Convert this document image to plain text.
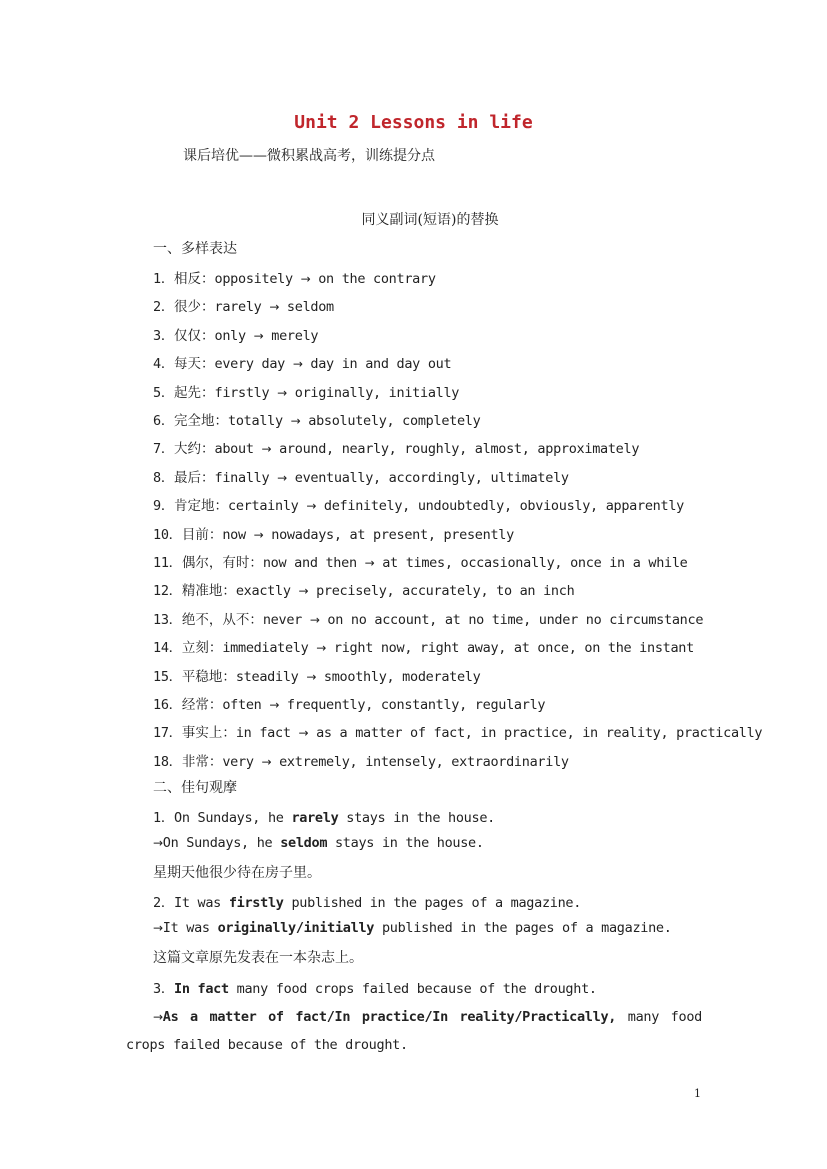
Unit 2 Lessons in life
课后培优——微积累战高考，训练提分点
同义副词(短语)的替换
一、多样表达
1．相反：oppositely → on the contrary
2．很少：rarely → seldom
3．仅仅：only → merely
4．每天：every day → day in and day out
5．起先：firstly → originally, initially
6．完全地：totally → absolutely, completely
7．大约：about → around, nearly, roughly, almost, approximately
8．最后：finally → eventually, accordingly, ultimately
9．肯定地：certainly → definitely, undoubtedly, obviously, apparently
10．目前：now → nowadays, at present, presently
11．偶尔，有时：now and then → at times, occasionally, once in a while
12．精准地：exactly → precisely, accurately, to an inch
13．绝不，从不：never → on no account, at no time, under no circumstance
14．立刻：immediately → right now, right away, at once, on the instant
15．平稳地：steadily → smoothly, moderately
16．经常：often → frequently, constantly, regularly
17．事实上：in fact → as a matter of fact, in practice, in reality, practically
18．非常：very → extremely, intensely, extraordinarily
二、佳句观摩
1．On Sundays, he rarely stays in the house.
→On Sundays, he seldom stays in the house.
星期天他很少待在房子里。
2．It was firstly published in the pages of a magazine.
→It was originally/initially published in the pages of a magazine.
这篇文章原先发表在一本杂志上。
3．In fact many food crops failed because of the drought.
→As a matter of fact/In practice/In reality/Practically, many food crops failed because of the drought.
1
